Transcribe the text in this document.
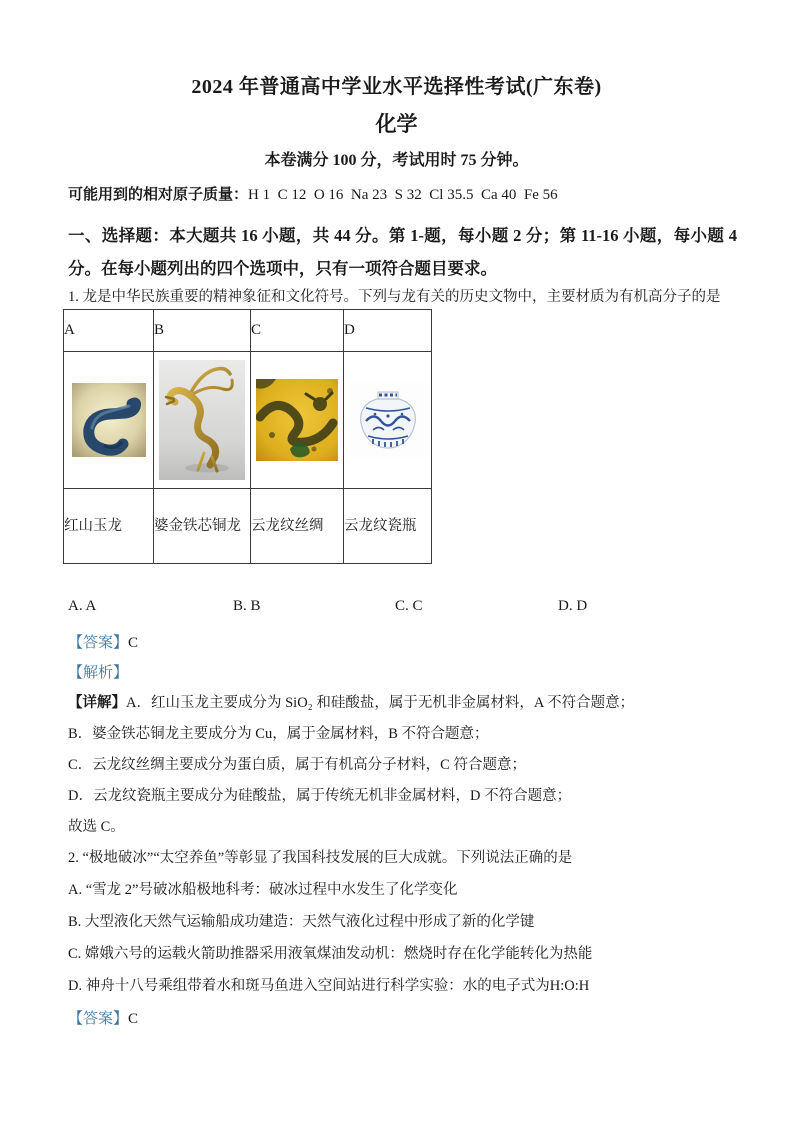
2024 年普通高中学业水平选择性考试(广东卷)
化学
本卷满分 100 分，考试用时 75 分钟。
可能用到的相对原子质量：H 1  C 12  O 16  Na 23  S 32  Cl 35.5  Ca 40  Fe 56
一、选择题：本大题共 16 小题，共 44 分。第 1-题，每小题 2 分；第 11-16 小题，每小题 4 分。在每小题列出的四个选项中，只有一项符合题目要求。
1. 龙是中华民族重要的精神象征和文化符号。下列与龙有关的历史文物中，主要材质为有机高分子的是
A	B	C	D

红山玉龙	婆金铁芯铜龙	云龙纹丝绸	云龙纹瓷瓶
A. A	B. B	C. C	D. D
【答案】C
【解析】
【详解】A．红山玉龙主要成分为 SiO₂ 和硅酸盐，属于无机非金属材料，A 不符合题意；
B．婆金铁芯铜龙主要成分为 Cu，属于金属材料，B 不符合题意；
C．云龙纹丝绸主要成分为蛋白质，属于有机高分子材料，C 符合题意；
D．云龙纹瓷瓶主要成分为硅酸盐，属于传统无机非金属材料，D 不符合题意；
故选 C。
2. “极地破冰”“太空养鱼”等彰显了我国科技发展的巨大成就。下列说法正确的是
A. “雪龙 2”号破冰船极地科考：破冰过程中水发生了化学变化
B. 大型液化天然气运输船成功建造：天然气液化过程中形成了新的化学键
C. 嫦娥六号的运载火箭助推器采用液氧煤油发动机：燃烧时存在化学能转化为热能
D. 神舟十八号乘组带着水和斑马鱼进入空间站进行科学实验：水的电子式为H:O:H
【答案】C
